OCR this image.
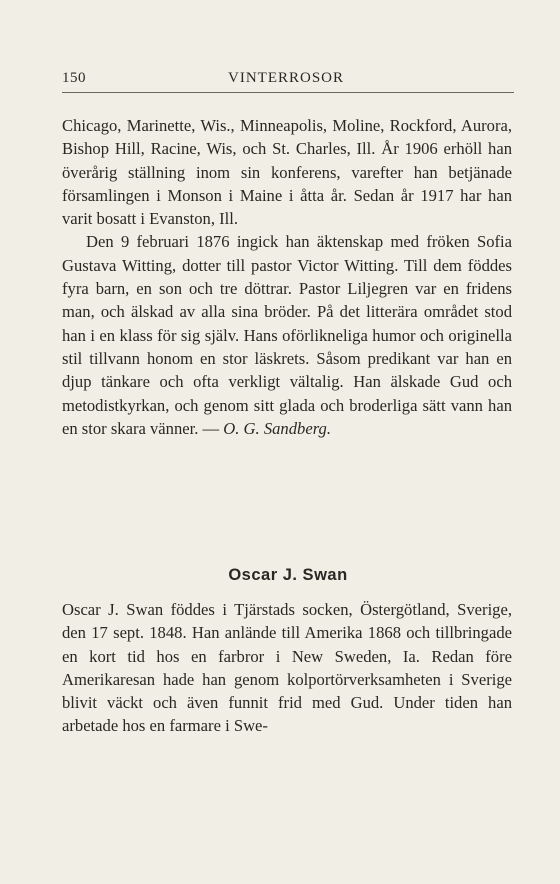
150	VINTERROSOR

Chicago, Marinette, Wis., Minneapolis, Moline, Rockford, Aurora, Bishop Hill, Racine, Wis, och St. Charles, Ill. År 1906 erhöll han överårig ställning inom sin konferens, varefter han betjänade församlingen i Monson i Maine i åtta år. Sedan år 1917 har han varit bosatt i Evanston, Ill.

Den 9 februari 1876 ingick han äktenskap med fröken Sofia Gustava Witting, dotter till pastor Victor Witting. Till dem föddes fyra barn, en son och tre döttrar. Pastor Liljegren var en fridens man, och älskad av alla sina bröder. På det litterära området stod han i en klass för sig själv. Hans oförlikneliga humor och originella stil tillvann honom en stor läskrets. Såsom predikant var han en djup tänkare och ofta verkligt vältalig. Han älskade Gud och metodistkyrkan, och genom sitt glada och broderliga sätt vann han en stor skara vänner. — O. G. Sandberg.

Oscar J. Swan

Oscar J. Swan föddes i Tjärstads socken, Östergötland, Sverige, den 17 sept. 1848. Han anlände till Amerika 1868 och tillbringade en kort tid hos en farbror i New Sweden, Ia. Redan före Amerikaresan hade han genom kolportörverksamheten i Sverige blivit väckt och även funnit frid med Gud. Under tiden han arbetade hos en farmare i Swe-
